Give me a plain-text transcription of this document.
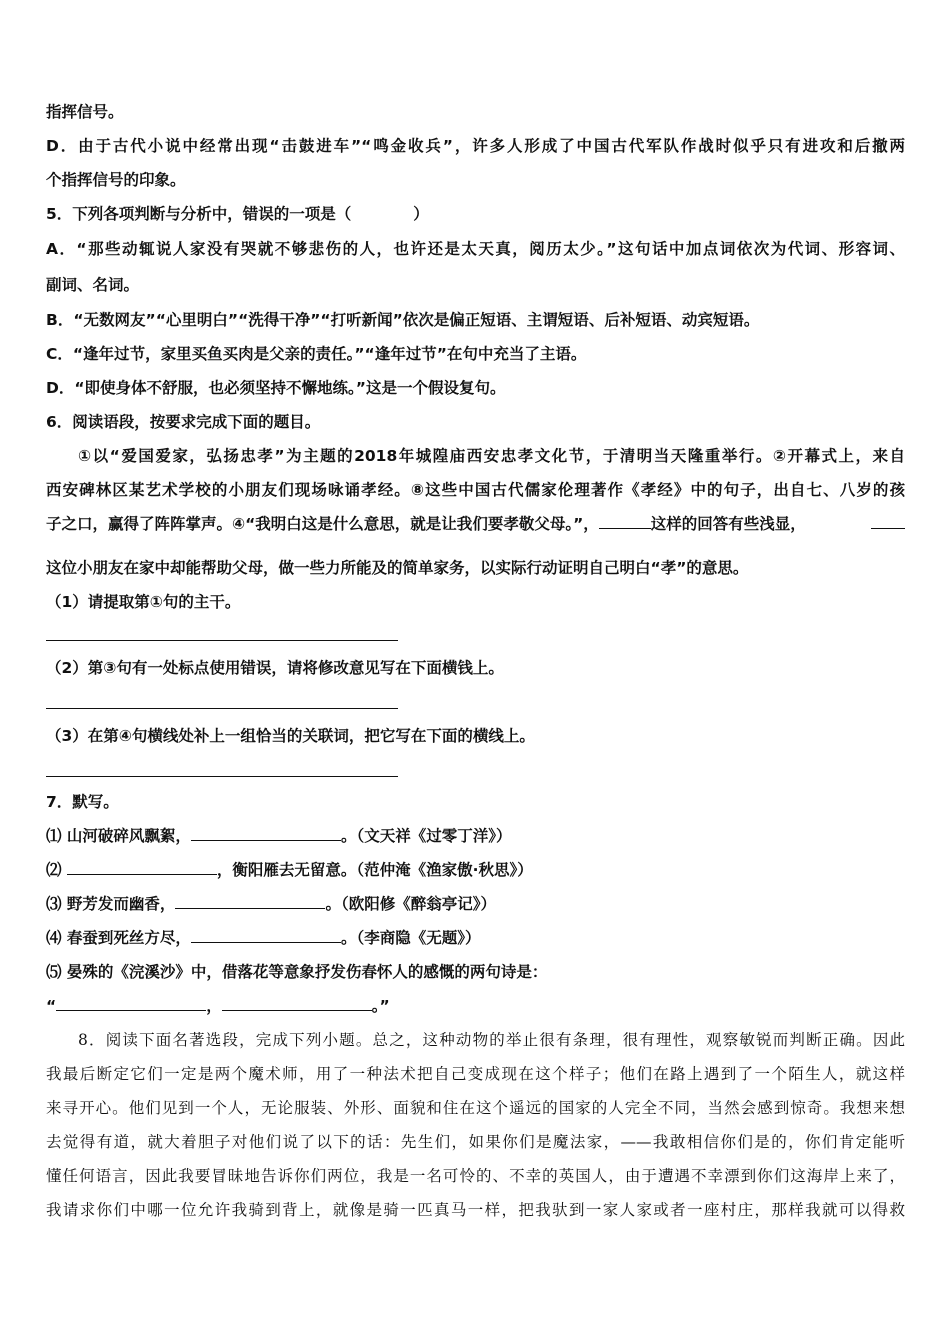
指挥信号。
D．由于古代小说中经常出现“击鼓进车”“鸣金收兵”，许多人形成了中国古代军队作战时似乎只有进攻和后撤两
个指挥信号的印象。
5．下列各项判断与分析中，错误的一项是（　　　　）
A．“那些动辄说人家没有哭就不够悲伤的人，也许还是太天真，阅历太少。”这句话中加点词依次为代词、形容词、
副词、名词。
B．“无数网友”“心里明白”“洗得干净”“打听新闻”依次是偏正短语、主谓短语、后补短语、动宾短语。
C．“逢年过节，家里买鱼买肉是父亲的责任。”“逢年过节”在句中充当了主语。
D．“即使身体不舒服，也必须坚持不懈地练。”这是一个假设复句。
6．阅读语段，按要求完成下面的题目。
①以“爱国爱家，弘扬忠孝”为主题的2018年城隍庙西安忠孝文化节，于清明当天隆重举行。②开幕式上，来自
西安碑林区某艺术学校的小朋友们现场咏诵孝经。⑧这些中国古代儒家伦理著作《孝经》中的句子，出自七、八岁的孩
子之口，赢得了阵阵掌声。④“我明白这是什么意思，就是让我们要孝敬父母。”，	这样的回答有些浅显，
这位小朋友在家中却能帮助父母，做一些力所能及的简单家务，以实际行动证明自己明白“孝”的意思。
（1）请提取第①句的主干。
（2）第③句有一处标点使用错误，请将修改意见写在下面横钱上。
（3）在第④句横线处补上一组恰当的关联词，把它写在下面的横线上。
7．默写。
⑴ 山河破碎风飘絮，	。（文天祥《过零丁洋》）
⑵	，衡阳雁去无留意。（范仲淹《渔家傲·秋思》）
⑶ 野芳发而幽香，	。（欧阳修《醉翁亭记》）
⑷ 春蚕到死丝方尽，	。（李商隐《无题》）
⑸ 晏殊的《浣溪沙》中，借落花等意象抒发伤春怀人的感慨的两句诗是：
“	，	。”
8．阅读下面名著选段，完成下列小题。总之，这种动物的举止很有条理，很有理性，观察敏锐而判断正确。因此
我最后断定它们一定是两个魔术师，用了一种法术把自己变成现在这个样子；他们在路上遇到了一个陌生人，就这样
来寻开心。他们见到一个人，无论服装、外形、面貌和住在这个遥远的国家的人完全不同，当然会感到惊奇。我想来想
去觉得有道，就大着胆子对他们说了以下的话：先生们，如果你们是魔法家，——我敢相信你们是的，你们肯定能听
懂任何语言，因此我要冒昧地告诉你们两位，我是一名可怜的、不幸的英国人，由于遭遇不幸漂到你们这海岸上来了，
我请求你们中哪一位允许我骑到背上，就像是骑一匹真马一样，把我驮到一家人家或者一座村庄，那样我就可以得救
